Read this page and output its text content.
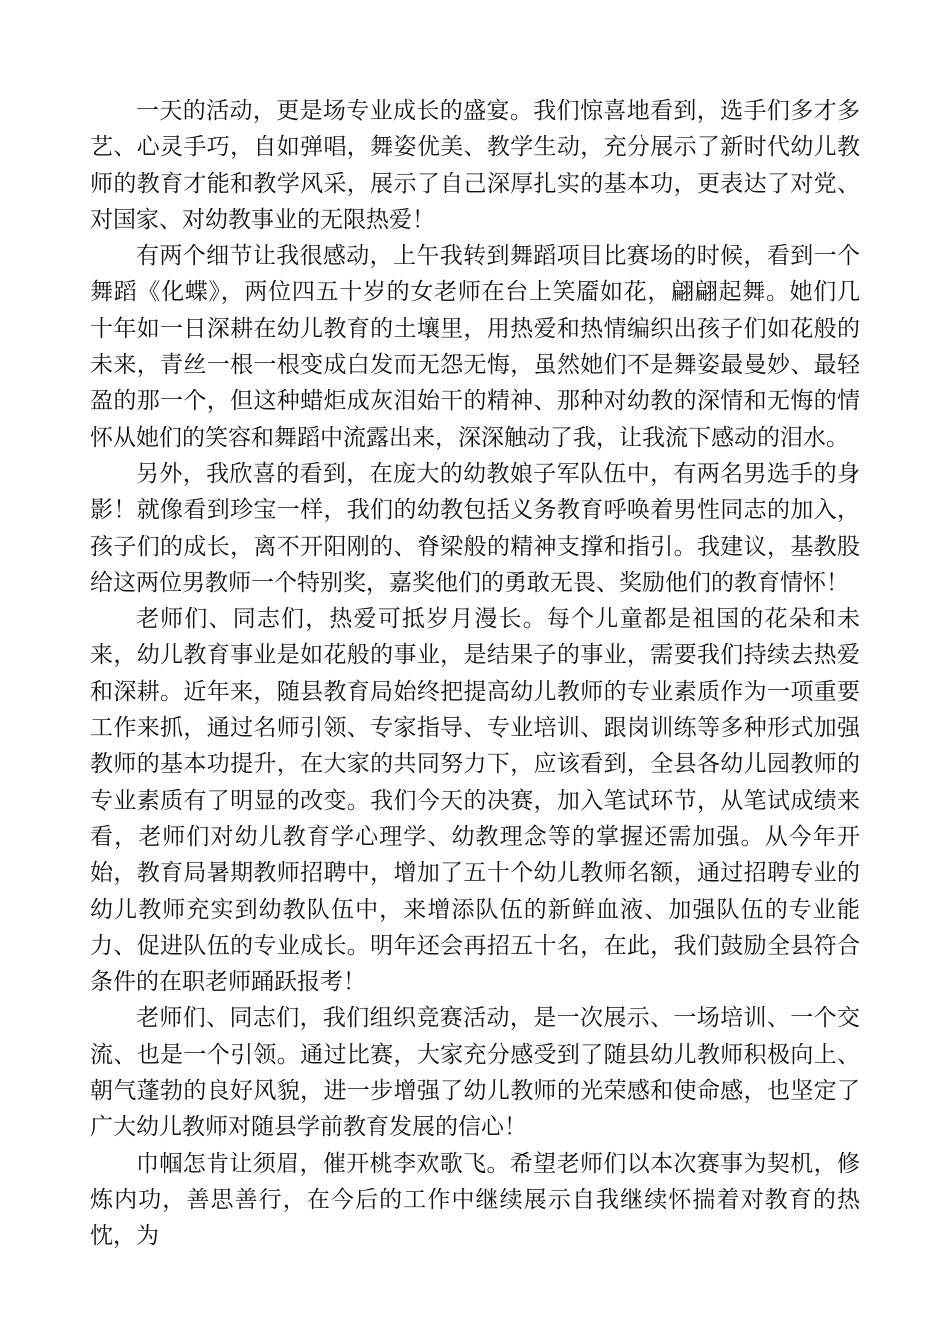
一天的活动，更是场专业成长的盛宴。我们惊喜地看到，选手们多才多艺、心灵手巧，自如弹唱，舞姿优美、教学生动，充分展示了新时代幼儿教师的教育才能和教学风采，展示了自己深厚扎实的基本功，更表达了对党、对国家、对幼教事业的无限热爱！

有两个细节让我很感动，上午我转到舞蹈项目比赛场的时候，看到一个舞蹈《化蝶》，两位四五十岁的女老师在台上笑靥如花，翩翩起舞。她们几十年如一日深耕在幼儿教育的土壤里，用热爱和热情编织出孩子们如花般的未来，青丝一根一根变成白发而无怨无悔，虽然她们不是舞姿最曼妙、最轻盈的那一个，但这种蜡炬成灰泪始干的精神、那种对幼教的深情和无悔的情怀从她们的笑容和舞蹈中流露出来，深深触动了我，让我流下感动的泪水。

另外，我欣喜的看到，在庞大的幼教娘子军队伍中，有两名男选手的身影！就像看到珍宝一样，我们的幼教包括义务教育呼唤着男性同志的加入，孩子们的成长，离不开阳刚的、脊梁般的精神支撑和指引。我建议，基教股给这两位男教师一个特别奖，嘉奖他们的勇敢无畏、奖励他们的教育情怀！

老师们、同志们，热爱可抵岁月漫长。每个儿童都是祖国的花朵和未来，幼儿教育事业是如花般的事业，是结果子的事业，需要我们持续去热爱和深耕。近年来，随县教育局始终把提高幼儿教师的专业素质作为一项重要工作来抓，通过名师引领、专家指导、专业培训、跟岗训练等多种形式加强教师的基本功提升，在大家的共同努力下，应该看到，全县各幼儿园教师的专业素质有了明显的改变。我们今天的决赛，加入笔试环节，从笔试成绩来看，老师们对幼儿教育学心理学、幼教理念等的掌握还需加强。从今年开始，教育局暑期教师招聘中，增加了五十个幼儿教师名额，通过招聘专业的幼儿教师充实到幼教队伍中，来增添队伍的新鲜血液、加强队伍的专业能力、促进队伍的专业成长。明年还会再招五十名，在此，我们鼓励全县符合条件的在职老师踊跃报考！

老师们、同志们，我们组织竞赛活动，是一次展示、一场培训、一个交流、也是一个引领。通过比赛，大家充分感受到了随县幼儿教师积极向上、朝气蓬勃的良好风貌，进一步增强了幼儿教师的光荣感和使命感，也坚定了广大幼儿教师对随县学前教育发展的信心！

巾帼怎肯让须眉，催开桃李欢歌飞。希望老师们以本次赛事为契机，修炼内功，善思善行，在今后的工作中继续展示自我继续怀揣着对教育的热忱，为
